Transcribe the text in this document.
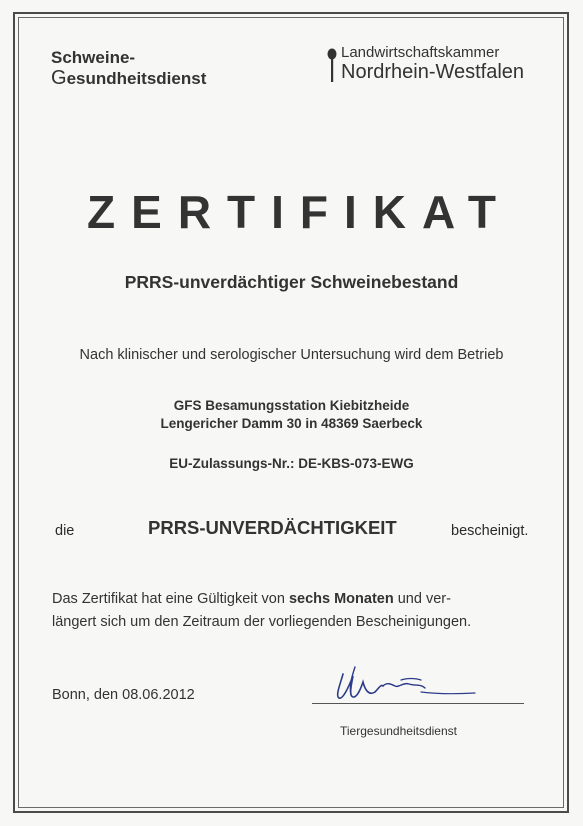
Schweine-
Gesundheitsdienst
Landwirtschaftskammer
Nordrhein-Westfalen
ZERTIFIKAT
PRRS-unverdächtiger Schweinebestand
Nach klinischer und serologischer Untersuchung wird dem Betrieb
GFS Besamungsstation Kiebitzheide
Lengericher Damm 30 in 48369 Saerbeck
EU-Zulassungs-Nr.: DE-KBS-073-EWG
die	PRRS-UNVERDÄCHTIGKEIT	bescheinigt.
Das Zertifikat hat eine Gültigkeit von sechs Monaten und ver-
längert sich um den Zeitraum der vorliegenden Bescheinigungen.
Bonn, den 08.06.2012
Tiergesundheitsdienst
